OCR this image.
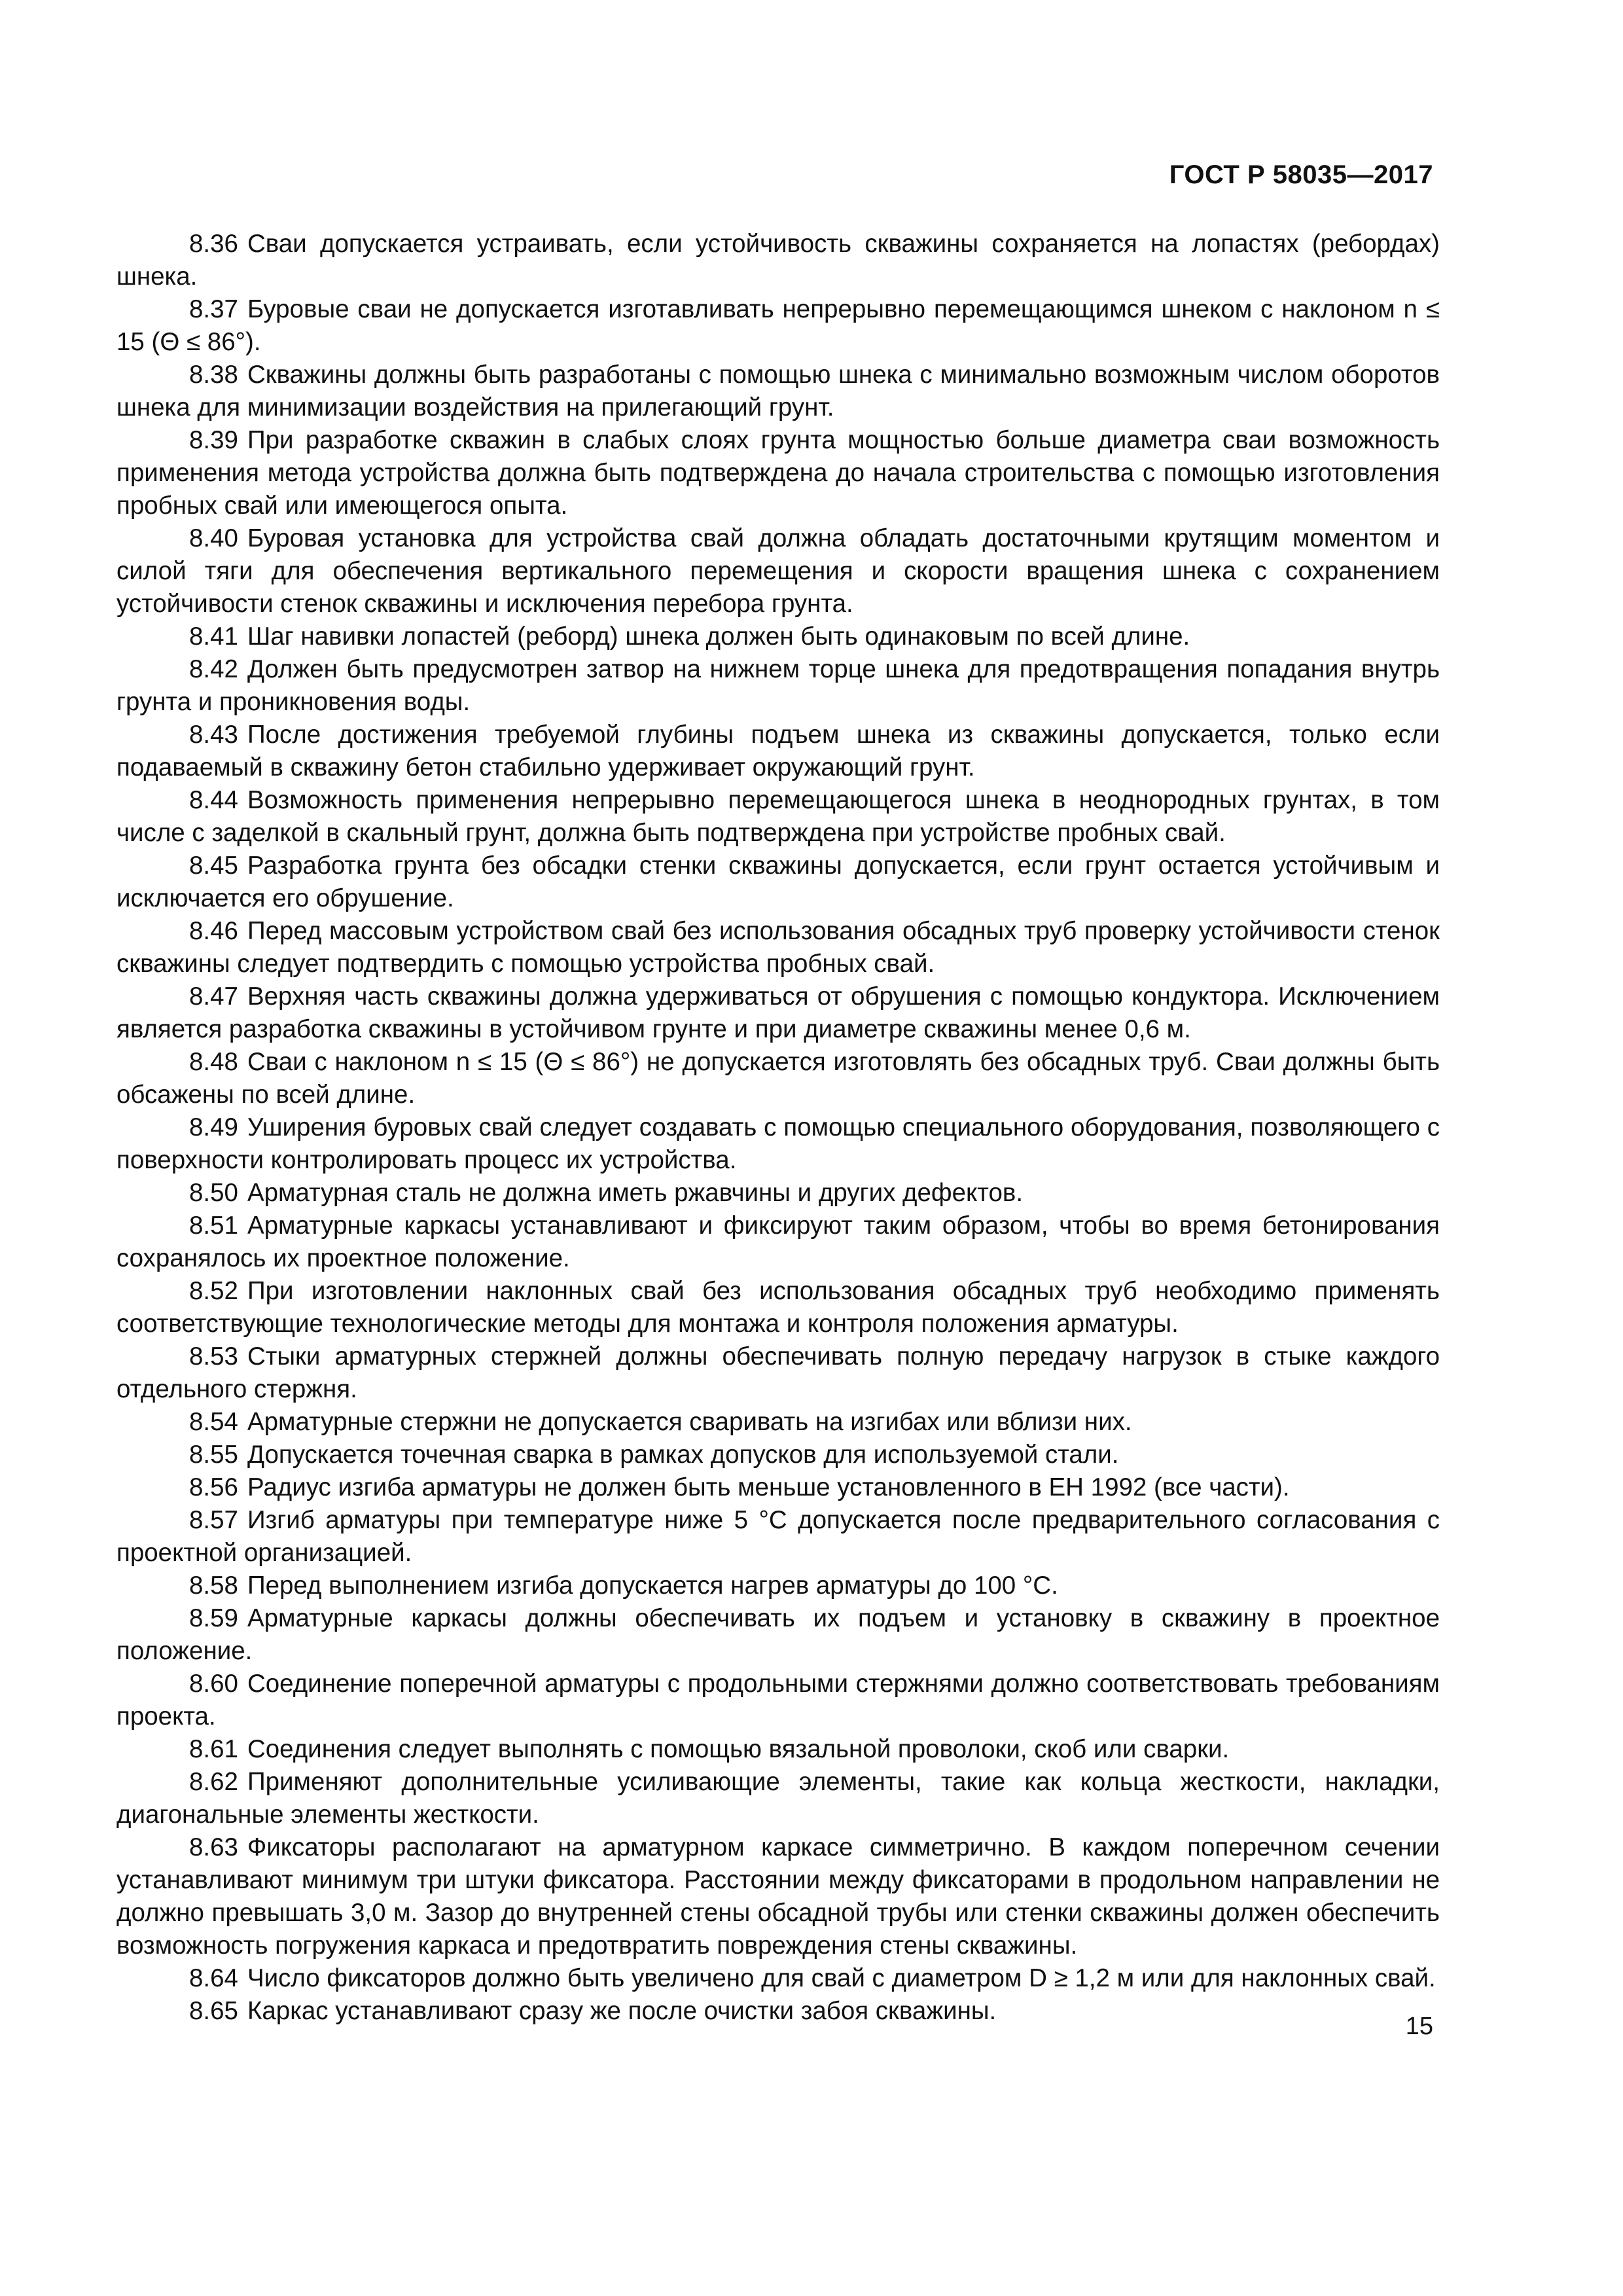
ГОСТ Р 58035—2017

8.36 Сваи допускается устраивать, если устойчивость скважины сохраняется на лопастях (ребордах) шнека.

8.37 Буровые сваи не допускается изготавливать непрерывно перемещающимся шнеком с наклоном n ≤ 15 (Θ ≤ 86°).

8.38 Скважины должны быть разработаны с помощью шнека с минимально возможным числом оборотов шнека для минимизации воздействия на прилегающий грунт.

8.39 При разработке скважин в слабых слоях грунта мощностью больше диаметра сваи возможность применения метода устройства должна быть подтверждена до начала строительства с помощью изготовления пробных свай или имеющегося опыта.

8.40 Буровая установка для устройства свай должна обладать достаточными крутящим моментом и силой тяги для обеспечения вертикального перемещения и скорости вращения шнека с сохранением устойчивости стенок скважины и исключения перебора грунта.

8.41 Шаг навивки лопастей (реборд) шнека должен быть одинаковым по всей длине.

8.42 Должен быть предусмотрен затвор на нижнем торце шнека для предотвращения попадания внутрь грунта и проникновения воды.

8.43 После достижения требуемой глубины подъем шнека из скважины допускается, только если подаваемый в скважину бетон стабильно удерживает окружающий грунт.

8.44 Возможность применения непрерывно перемещающегося шнека в неоднородных грунтах, в том числе с заделкой в скальный грунт, должна быть подтверждена при устройстве пробных свай.

8.45 Разработка грунта без обсадки стенки скважины допускается, если грунт остается устойчивым и исключается его обрушение.

8.46 Перед массовым устройством свай без использования обсадных труб проверку устойчивости стенок скважины следует подтвердить с помощью устройства пробных свай.

8.47 Верхняя часть скважины должна удерживаться от обрушения с помощью кондуктора. Исключением является разработка скважины в устойчивом грунте и при диаметре скважины менее 0,6 м.

8.48 Сваи с наклоном n ≤ 15 (Θ ≤ 86°) не допускается изготовлять без обсадных труб. Сваи должны быть обсажены по всей длине.

8.49 Уширения буровых свай следует создавать с помощью специального оборудования, позволяющего с поверхности контролировать процесс их устройства.

8.50 Арматурная сталь не должна иметь ржавчины и других дефектов.

8.51 Арматурные каркасы устанавливают и фиксируют таким образом, чтобы во время бетонирования сохранялось их проектное положение.

8.52 При изготовлении наклонных свай без использования обсадных труб необходимо применять соответствующие технологические методы для монтажа и контроля положения арматуры.

8.53 Стыки арматурных стержней должны обеспечивать полную передачу нагрузок в стыке каждого отдельного стержня.

8.54 Арматурные стержни не допускается сваривать на изгибах или вблизи них.

8.55 Допускается точечная сварка в рамках допусков для используемой стали.

8.56 Радиус изгиба арматуры не должен быть меньше установленного в ЕН 1992 (все части).

8.57 Изгиб арматуры при температуре ниже 5 °С допускается после предварительного согласования с проектной организацией.

8.58 Перед выполнением изгиба допускается нагрев арматуры до 100 °С.

8.59 Арматурные каркасы должны обеспечивать их подъем и установку в скважину в проектное положение.

8.60 Соединение поперечной арматуры с продольными стержнями должно соответствовать требованиям проекта.

8.61 Соединения следует выполнять с помощью вязальной проволоки, скоб или сварки.

8.62 Применяют дополнительные усиливающие элементы, такие как кольца жесткости, накладки, диагональные элементы жесткости.

8.63 Фиксаторы располагают на арматурном каркасе симметрично. В каждом поперечном сечении устанавливают минимум три штуки фиксатора. Расстоянии между фиксаторами в продольном направлении не должно превышать 3,0 м. Зазор до внутренней стены обсадной трубы или стенки скважины должен обеспечить возможность погружения каркаса и предотвратить повреждения стены скважины.

8.64 Число фиксаторов должно быть увеличено для свай с диаметром D ≥ 1,2 м или для наклонных свай.

8.65 Каркас устанавливают сразу же после очистки забоя скважины.

15
